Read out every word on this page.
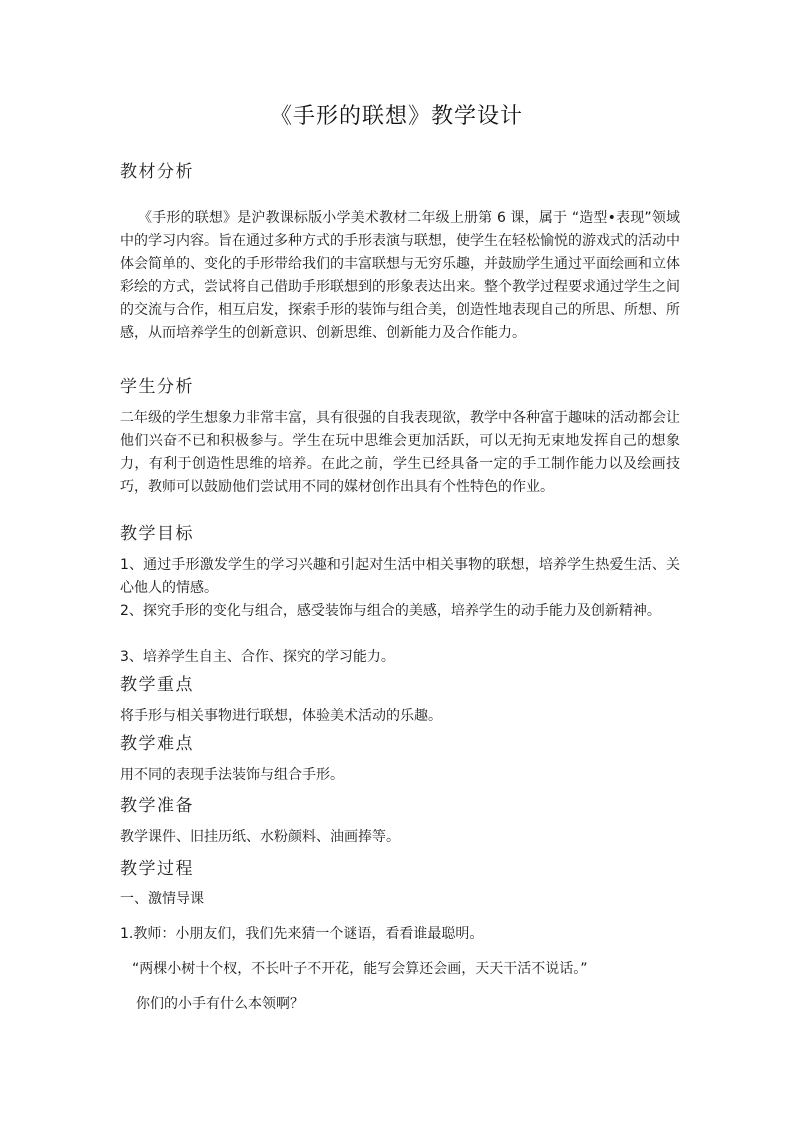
《手形的联想》教学设计
教材分析
《手形的联想》是沪教课标版小学美术教材二年级上册第 6 课，属于 “造型•表现”领域中的学习内容。旨在通过多种方式的手形表演与联想，使学生在轻松愉悦的游戏式的活动中体会简单的、变化的手形带给我们的丰富联想与无穷乐趣，并鼓励学生通过平面绘画和立体彩绘的方式，尝试将自己借助手形联想到的形象表达出来。整个教学过程要求通过学生之间的交流与合作，相互启发，探索手形的装饰与组合美，创造性地表现自己的所思、所想、所感，从而培养学生的创新意识、创新思维、创新能力及合作能力。
学生分析
二年级的学生想象力非常丰富，具有很强的自我表现欲，教学中各种富于趣味的活动都会让他们兴奋不已和积极参与。学生在玩中思维会更加活跃，可以无拘无束地发挥自己的想象力，有利于创造性思维的培养。在此之前，学生已经具备一定的手工制作能力以及绘画技巧，教师可以鼓励他们尝试用不同的媒材创作出具有个性特色的作业。
教学目标
1、通过手形激发学生的学习兴趣和引起对生活中相关事物的联想，培养学生热爱生活、关心他人的情感。
2、探究手形的变化与组合，感受装饰与组合的美感，培养学生的动手能力及创新精神。
3、培养学生自主、合作、探究的学习能力。
教学重点
将手形与相关事物进行联想，体验美术活动的乐趣。
教学难点
用不同的表现手法装饰与组合手形。
教学准备
教学课件、旧挂历纸、水粉颜料、油画捧等。
教学过程
一、激情导课
1.教师：小朋友们，我们先来猜一个谜语，看看谁最聪明。
“两棵小树十个杈，不长叶子不开花，能写会算还会画，天天干活不说话。”
你们的小手有什么本领啊？
